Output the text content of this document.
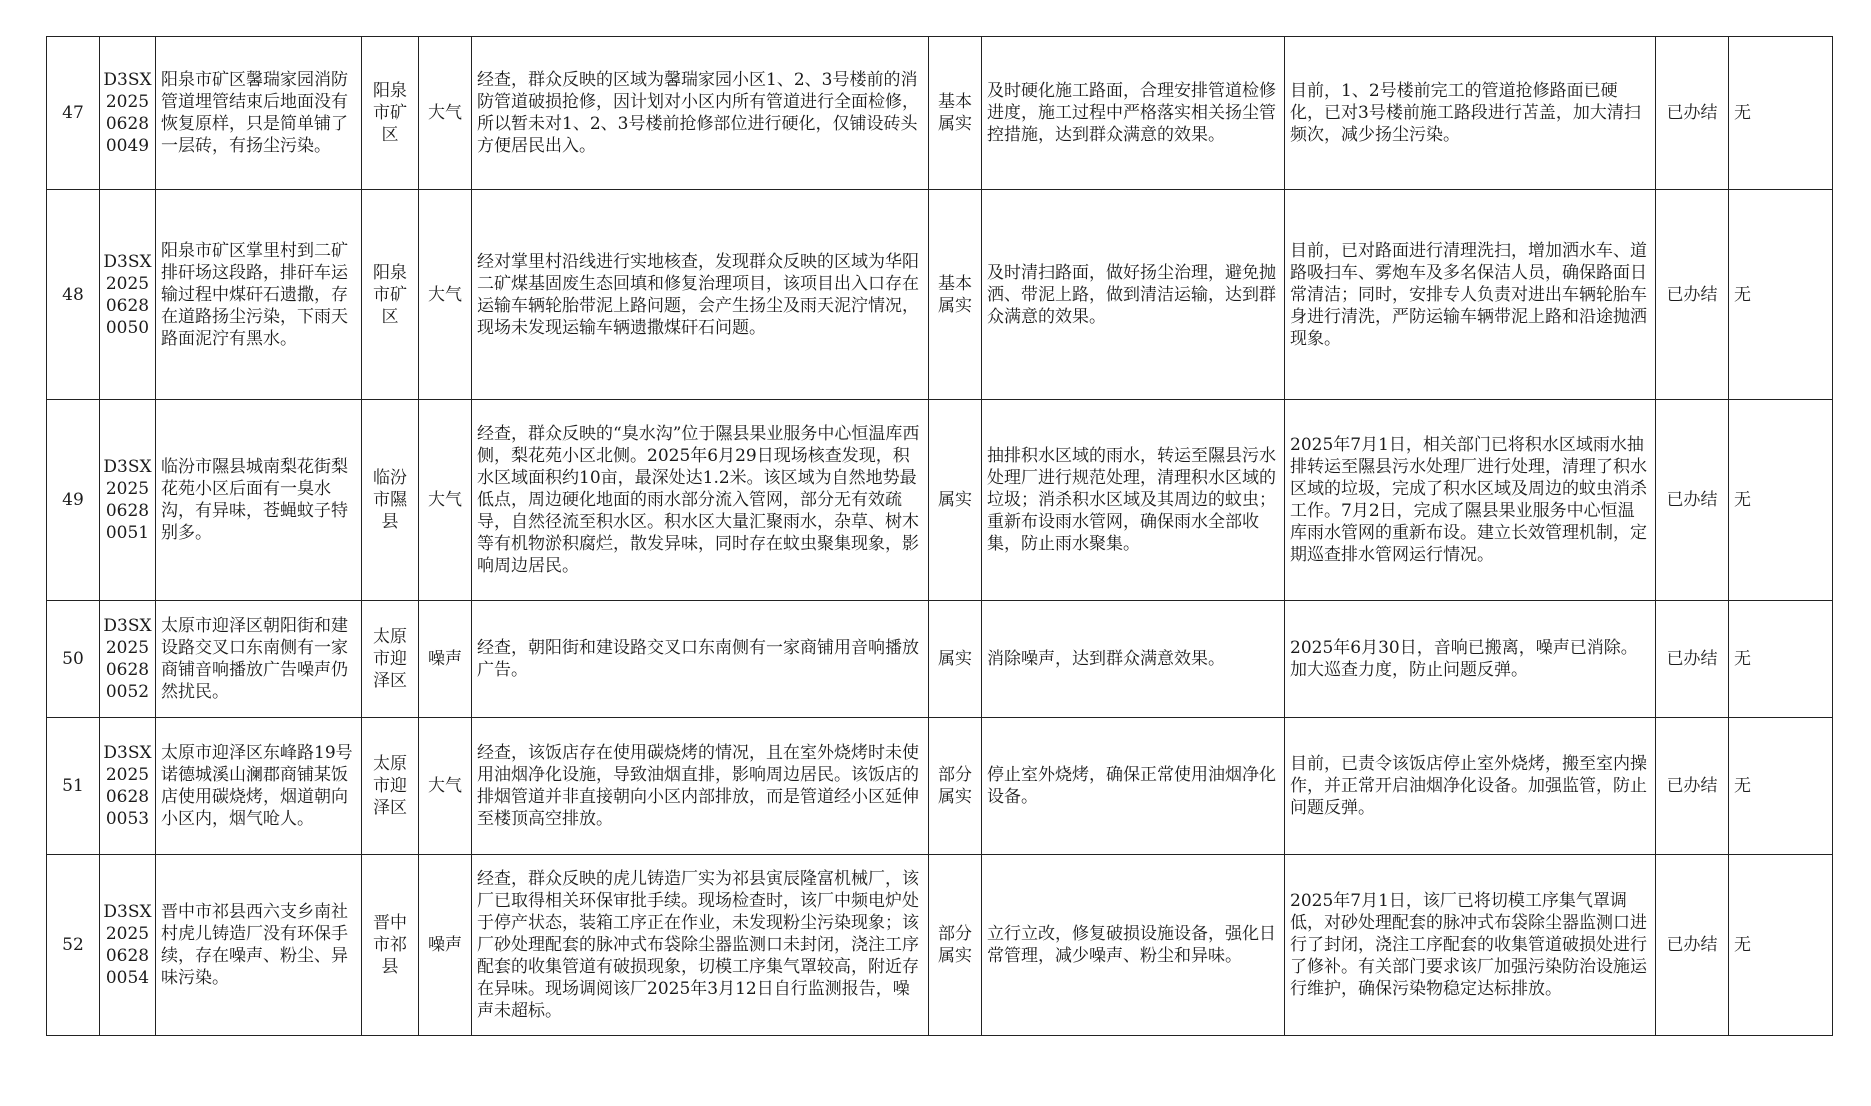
47	D3SX202506280049	阳泉市矿区馨瑞家园消防管道埋管结束后地面没有恢复原样，只是简单铺了一层砖，有扬尘污染。	阳泉市矿区	大气	经查，群众反映的区域为馨瑞家园小区1、2、3号楼前的消防管道破损抢修，因计划对小区内所有管道进行全面检修，所以暂未对1、2、3号楼前抢修部位进行硬化，仅铺设砖头方便居民出入。	基本属实	及时硬化施工路面，合理安排管道检修进度，施工过程中严格落实相关扬尘管控措施，达到群众满意的效果。	目前，1、2号楼前完工的管道抢修路面已硬化，已对3号楼前施工路段进行苫盖，加大清扫频次，减少扬尘污染。	已办结	无
48	D3SX202506280050	阳泉市矿区掌里村到二矿排矸场这段路，排矸车运输过程中煤矸石遗撒，存在道路扬尘污染，下雨天路面泥泞有黑水。	阳泉市矿区	大气	经对掌里村沿线进行实地核查，发现群众反映的区域为华阳二矿煤基固废生态回填和修复治理项目，该项目出入口存在运输车辆轮胎带泥上路问题，会产生扬尘及雨天泥泞情况，现场未发现运输车辆遗撒煤矸石问题。	基本属实	及时清扫路面，做好扬尘治理，避免抛洒、带泥上路，做到清洁运输，达到群众满意的效果。	目前，已对路面进行清理洗扫，增加洒水车、道路吸扫车、雾炮车及多名保洁人员，确保路面日常清洁；同时，安排专人负责对进出车辆轮胎车身进行清洗，严防运输车辆带泥上路和沿途抛洒现象。	已办结	无
49	D3SX202506280051	临汾市隰县城南梨花街梨花苑小区后面有一臭水沟，有异味，苍蝇蚊子特别多。	临汾市隰县	大气	经查，群众反映的“臭水沟”位于隰县果业服务中心恒温库西侧，梨花苑小区北侧。2025年6月29日现场核查发现，积水区域面积约10亩，最深处达1.2米。该区域为自然地势最低点，周边硬化地面的雨水部分流入管网，部分无有效疏导，自然径流至积水区。积水区大量汇聚雨水，杂草、树木等有机物淤积腐烂，散发异味，同时存在蚊虫聚集现象，影响周边居民。	属实	抽排积水区域的雨水，转运至隰县污水处理厂进行规范处理，清理积水区域的垃圾；消杀积水区域及其周边的蚊虫；重新布设雨水管网，确保雨水全部收集，防止雨水聚集。	2025年7月1日，相关部门已将积水区域雨水抽排转运至隰县污水处理厂进行处理，清理了积水区域的垃圾，完成了积水区域及周边的蚊虫消杀工作。7月2日，完成了隰县果业服务中心恒温库雨水管网的重新布设。建立长效管理机制，定期巡查排水管网运行情况。	已办结	无
50	D3SX202506280052	太原市迎泽区朝阳街和建设路交叉口东南侧有一家商铺音响播放广告噪声仍然扰民。	太原市迎泽区	噪声	经查，朝阳街和建设路交叉口东南侧有一家商铺用音响播放广告。	属实	消除噪声，达到群众满意效果。	2025年6月30日，音响已搬离，噪声已消除。加大巡查力度，防止问题反弹。	已办结	无
51	D3SX202506280053	太原市迎泽区东峰路19号诺德城溪山澜郡商铺某饭店使用碳烧烤，烟道朝向小区内，烟气呛人。	太原市迎泽区	大气	经查，该饭店存在使用碳烧烤的情况，且在室外烧烤时未使用油烟净化设施，导致油烟直排，影响周边居民。该饭店的排烟管道并非直接朝向小区内部排放，而是管道经小区延伸至楼顶高空排放。	部分属实	停止室外烧烤，确保正常使用油烟净化设备。	目前，已责令该饭店停止室外烧烤，搬至室内操作，并正常开启油烟净化设备。加强监管，防止问题反弹。	已办结	无
52	D3SX202506280054	晋中市祁县西六支乡南社村虎儿铸造厂没有环保手续，存在噪声、粉尘、异味污染。	晋中市祁县	噪声	经查，群众反映的虎儿铸造厂实为祁县寅辰隆富机械厂，该厂已取得相关环保审批手续。现场检查时，该厂中频电炉处于停产状态，装箱工序正在作业，未发现粉尘污染现象；该厂砂处理配套的脉冲式布袋除尘器监测口未封闭，浇注工序配套的收集管道有破损现象，切模工序集气罩较高，附近存在异味。现场调阅该厂2025年3月12日自行监测报告，噪声未超标。	部分属实	立行立改，修复破损设施设备，强化日常管理，减少噪声、粉尘和异味。	2025年7月1日，该厂已将切模工序集气罩调低，对砂处理配套的脉冲式布袋除尘器监测口进行了封闭，浇注工序配套的收集管道破损处进行了修补。有关部门要求该厂加强污染防治设施运行维护，确保污染物稳定达标排放。	已办结	无
